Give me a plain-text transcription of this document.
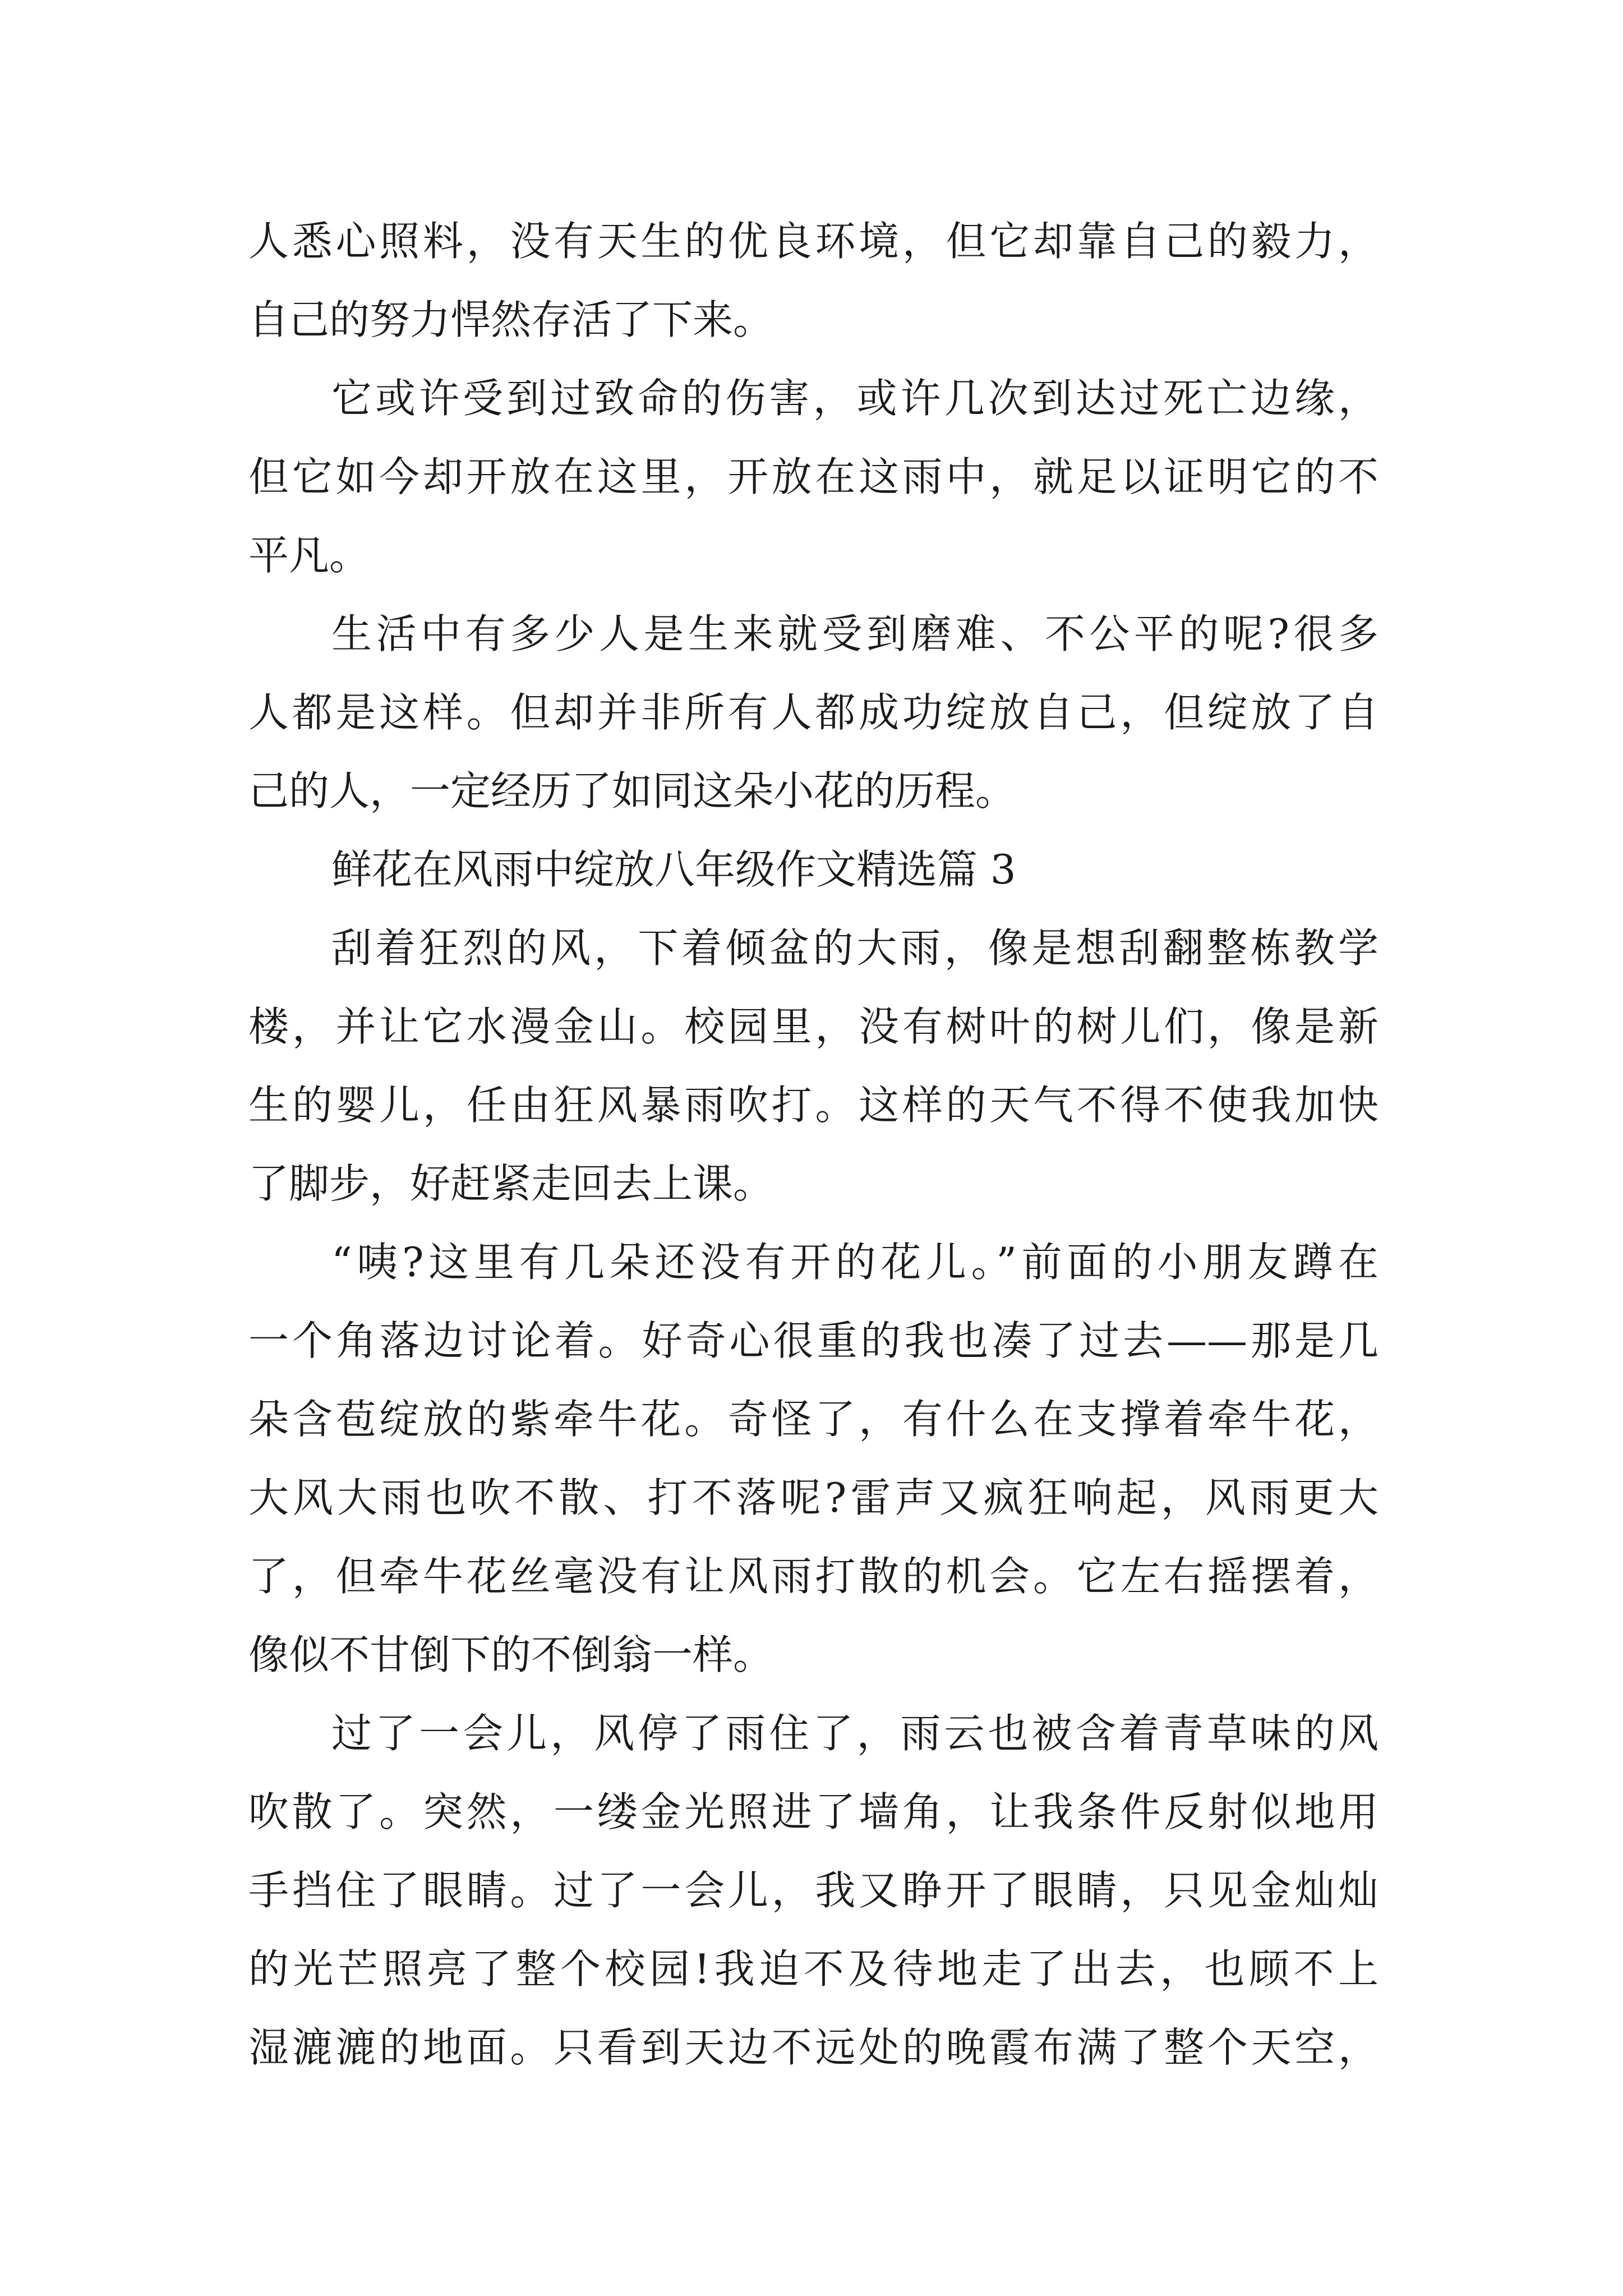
人悉心照料，没有天生的优良环境，但它却靠自己的毅力，
自己的努力悍然存活了下来。
它或许受到过致命的伤害，或许几次到达过死亡边缘，
但它如今却开放在这里，开放在这雨中，就足以证明它的不
平凡。
生活中有多少人是生来就受到磨难、不公平的呢?很多
人都是这样。但却并非所有人都成功绽放自己，但绽放了自
己的人，一定经历了如同这朵小花的历程。
鲜花在风雨中绽放八年级作文精选篇 3
刮着狂烈的风，下着倾盆的大雨，像是想刮翻整栋教学
楼，并让它水漫金山。校园里，没有树叶的树儿们，像是新
生的婴儿，任由狂风暴雨吹打。这样的天气不得不使我加快
了脚步，好赶紧走回去上课。
“咦?这里有几朵还没有开的花儿。”前面的小朋友蹲在
一个角落边讨论着。好奇心很重的我也凑了过去——那是几
朵含苞绽放的紫牵牛花。奇怪了，有什么在支撑着牵牛花，
大风大雨也吹不散、打不落呢?雷声又疯狂响起，风雨更大
了，但牵牛花丝毫没有让风雨打散的机会。它左右摇摆着，
像似不甘倒下的不倒翁一样。
过了一会儿，风停了雨住了，雨云也被含着青草味的风
吹散了。突然，一缕金光照进了墙角，让我条件反射似地用
手挡住了眼睛。过了一会儿，我又睁开了眼睛，只见金灿灿
的光芒照亮了整个校园!我迫不及待地走了出去，也顾不上
湿漉漉的地面。只看到天边不远处的晚霞布满了整个天空，
